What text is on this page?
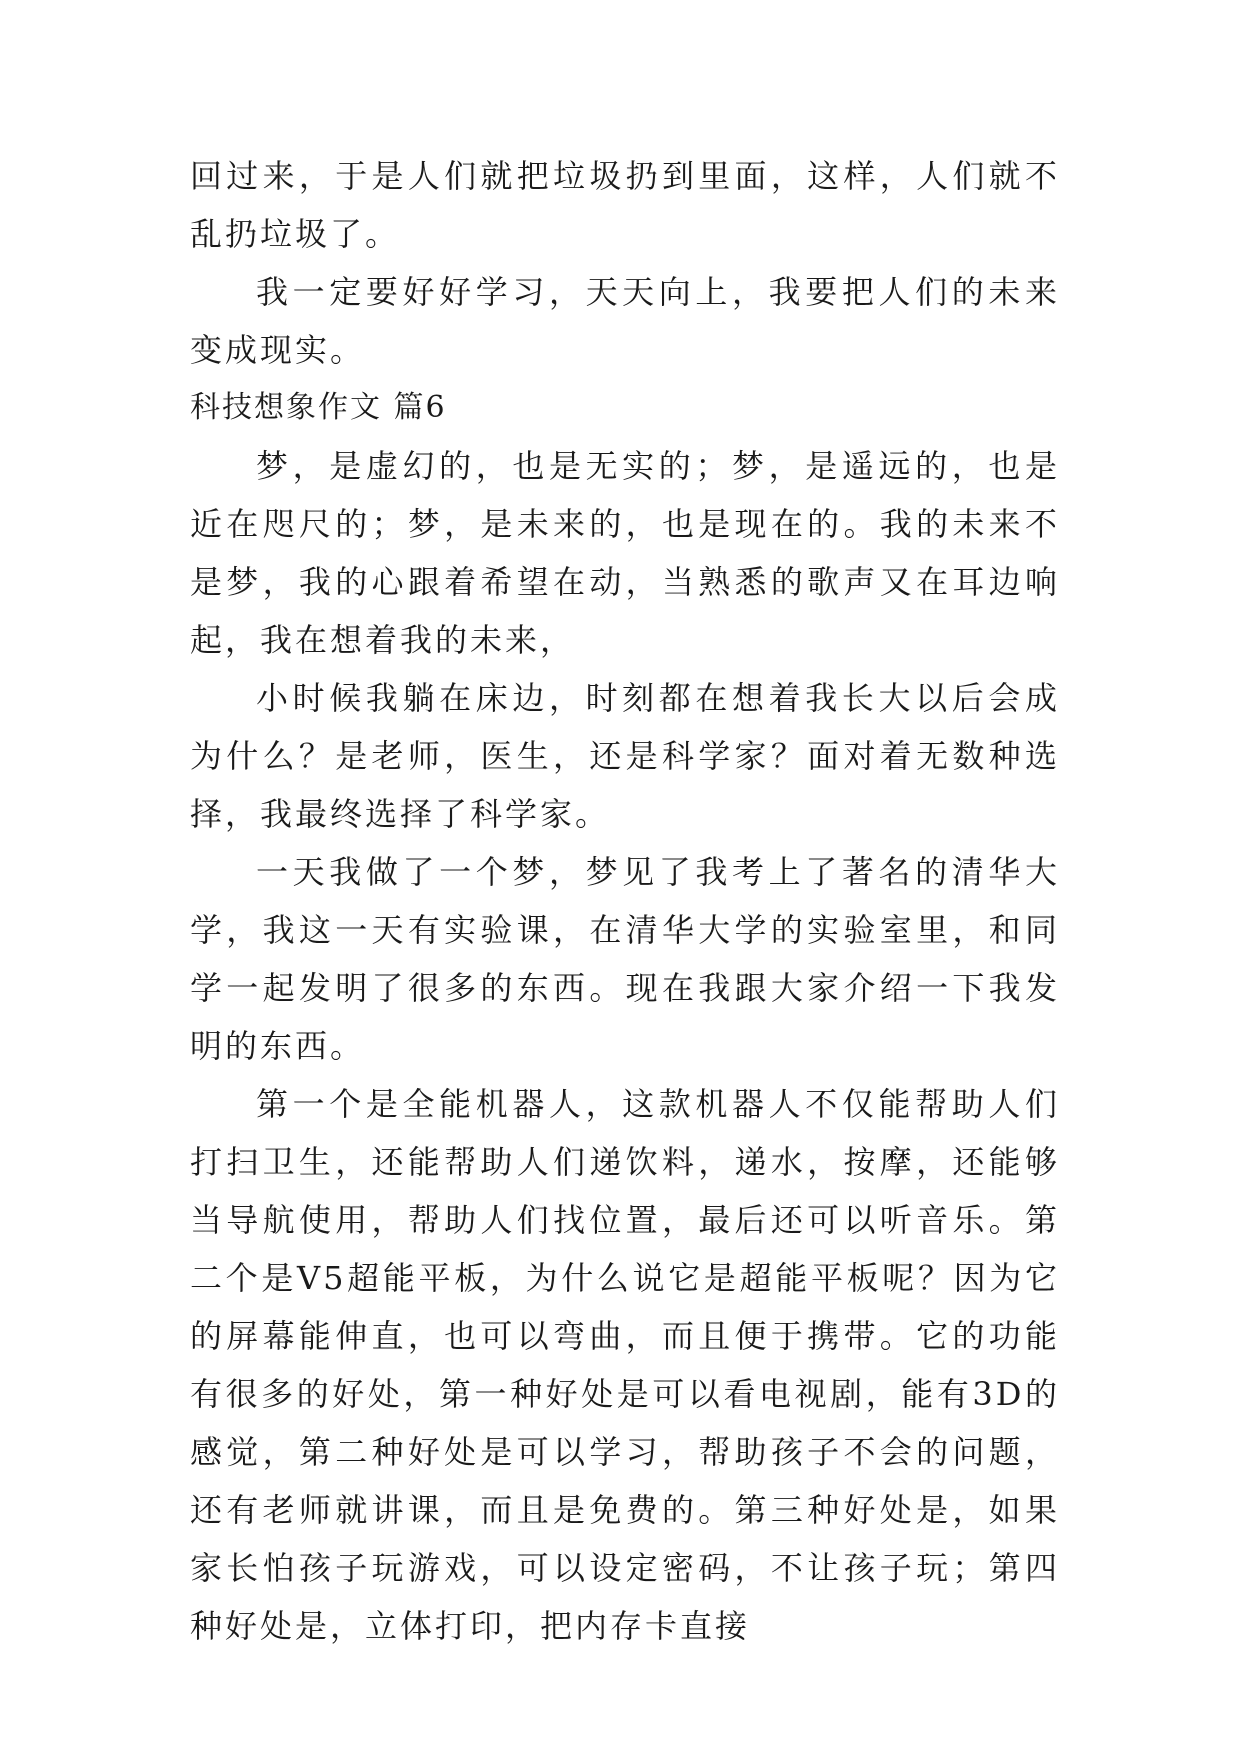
回过来，于是人们就把垃圾扔到里面，这样，人们就不乱扔垃圾了。

我一定要好好学习，天天向上，我要把人们的未来变成现实。

科技想象作文 篇6

梦，是虚幻的，也是无实的；梦，是遥远的，也是近在咫尺的；梦，是未来的，也是现在的。我的未来不是梦，我的心跟着希望在动，当熟悉的歌声又在耳边响起，我在想着我的未来，

小时候我躺在床边，时刻都在想着我长大以后会成为什么？是老师，医生，还是科学家？面对着无数种选择，我最终选择了科学家。

一天我做了一个梦，梦见了我考上了著名的清华大学，我这一天有实验课，在清华大学的实验室里，和同学一起发明了很多的东西。现在我跟大家介绍一下我发明的东西。

第一个是全能机器人，这款机器人不仅能帮助人们打扫卫生，还能帮助人们递饮料，递水，按摩，还能够当导航使用，帮助人们找位置，最后还可以听音乐。第二个是V5超能平板，为什么说它是超能平板呢？因为它的屏幕能伸直，也可以弯曲，而且便于携带。它的功能有很多的好处，第一种好处是可以看电视剧，能有3D的感觉，第二种好处是可以学习，帮助孩子不会的问题，还有老师就讲课，而且是免费的。第三种好处是，如果家长怕孩子玩游戏，可以设定密码，不让孩子玩；第四种好处是，立体打印，把内存卡直接
